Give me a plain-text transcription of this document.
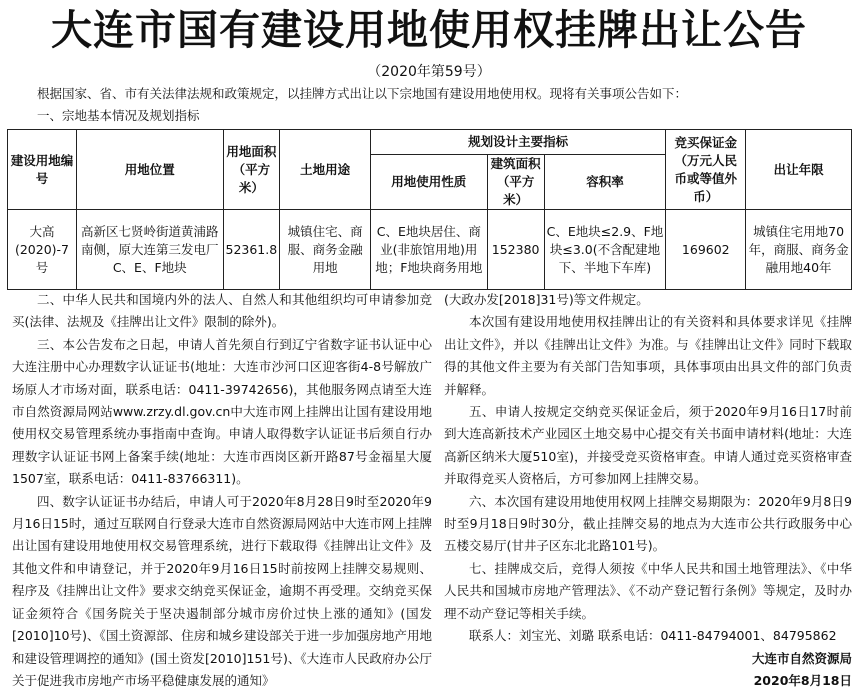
大连市国有建设用地使用权挂牌出让公告
（2020年第59号）
根据国家、省、市有关法律法规和政策规定，以挂牌方式出让以下宗地国有建设用地使用权。现将有关事项公告如下：
一、宗地基本情况及规划指标
建设用地编号	用地位置	用地面积（平方米）	土地用途	规划设计主要指标			竞买保证金（万元人民币或等值外币）	出让年限
				用地使用性质	建筑面积（平方米）	容积率		
大高(2020)-7号	高新区七贤岭街道黄浦路南侧，原大连第三发电厂C、E、F地块	52361.8	城镇住宅、商服、商务金融用地	C、E地块居住、商业(非旅馆用地)用地；F地块商务用地	152380	C、E地块≤2.9、F地块≤3.0(不含配建地下、半地下车库)	169602	城镇住宅用地70年，商服、商务金融用地40年

二、中华人民共和国境内外的法人、自然人和其他组织均可申请参加竞买(法律、法规及《挂牌出让文件》限制的除外)。

三、本公告发布之日起，申请人首先须自行到辽宁省数字证书认证中心大连注册中心办理数字认证证书(地址：大连市沙河口区迎客街4-8号解放广场原人才市场对面，联系电话：0411-39742656)，其他服务网点请至大连市自然资源局网站www.zrzy.dl.gov.cn中大连市网上挂牌出让国有建设用地使用权交易管理系统办事指南中查询。申请人取得数字认证证书后须自行办理数字认证证书网上备案手续(地址：大连市西岗区新开路87号金福星大厦1507室，联系电话：0411-83766311)。

四、数字认证证书办结后，申请人可于2020年8月28日9时至2020年9月16日15时，通过互联网自行登录大连市自然资源局网站中大连市网上挂牌出让国有建设用地使用权交易管理系统，进行下载取得《挂牌出让文件》及其他文件和申请登记，并于2020年9月16日15时前按网上挂牌交易规则、程序及《挂牌出让文件》要求交纳竞买保证金，逾期不再受理。交纳竞买保证金须符合《国务院关于坚决遏制部分城市房价过快上涨的通知》(国发[2010]10号)、《国土资源部、住房和城乡建设部关于进一步加强房地产用地和建设管理调控的通知》(国土资发[2010]151号)、《大连市人民政府办公厅关于促进我市房地产市场平稳健康发展的通知》

(大政办发[2018]31号)等文件规定。

本次国有建设用地使用权挂牌出让的有关资料和具体要求详见《挂牌出让文件》，并以《挂牌出让文件》为准。与《挂牌出让文件》同时下载取得的其他文件主要为有关部门告知事项，具体事项由出具文件的部门负责并解释。

五、申请人按规定交纳竞买保证金后，须于2020年9月16日17时前到大连高新技术产业园区土地交易中心提交有关书面申请材料(地址：大连高新区纳米大厦510室)，并接受竞买资格审查。申请人通过竞买资格审查并取得竞买人资格后，方可参加网上挂牌交易。

六、本次国有建设用地使用权网上挂牌交易期限为：2020年9月8日9时至9月18日9时30分，截止挂牌交易的地点为大连市公共行政服务中心五楼交易厅(甘井子区东北北路101号)。

七、挂牌成交后，竞得人须按《中华人民共和国土地管理法》、《中华人民共和国城市房地产管理法》、《不动产登记暂行条例》等规定，及时办理不动产登记等相关手续。

联系人：刘宝光、刘璐 联系电话：0411-84794001、84795862

大连市自然资源局

2020年8月18日
